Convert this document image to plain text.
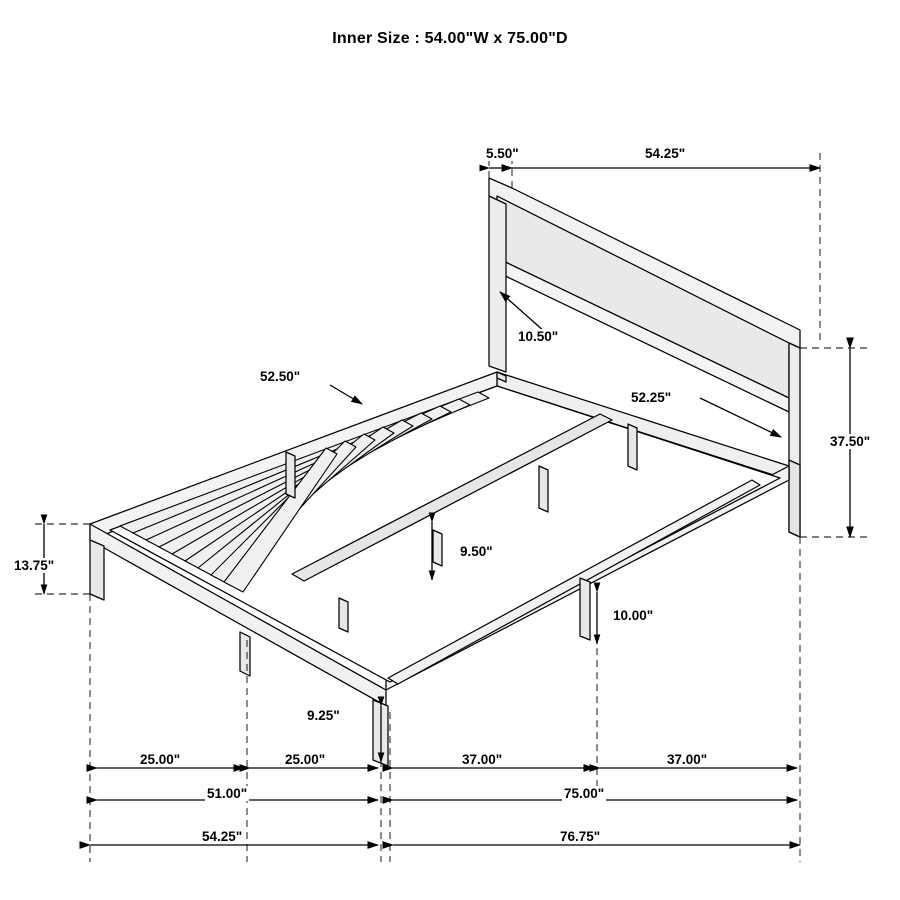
Inner Size : 54.00"W x 75.00"D
5.50"	54.25"
10.50"
52.25"
52.50"
37.50"
13.75"
9.50"
10.00"
9.25"
25.00"	25.00"	37.00"	37.00"
51.00"	75.00"
54.25"	76.75"
